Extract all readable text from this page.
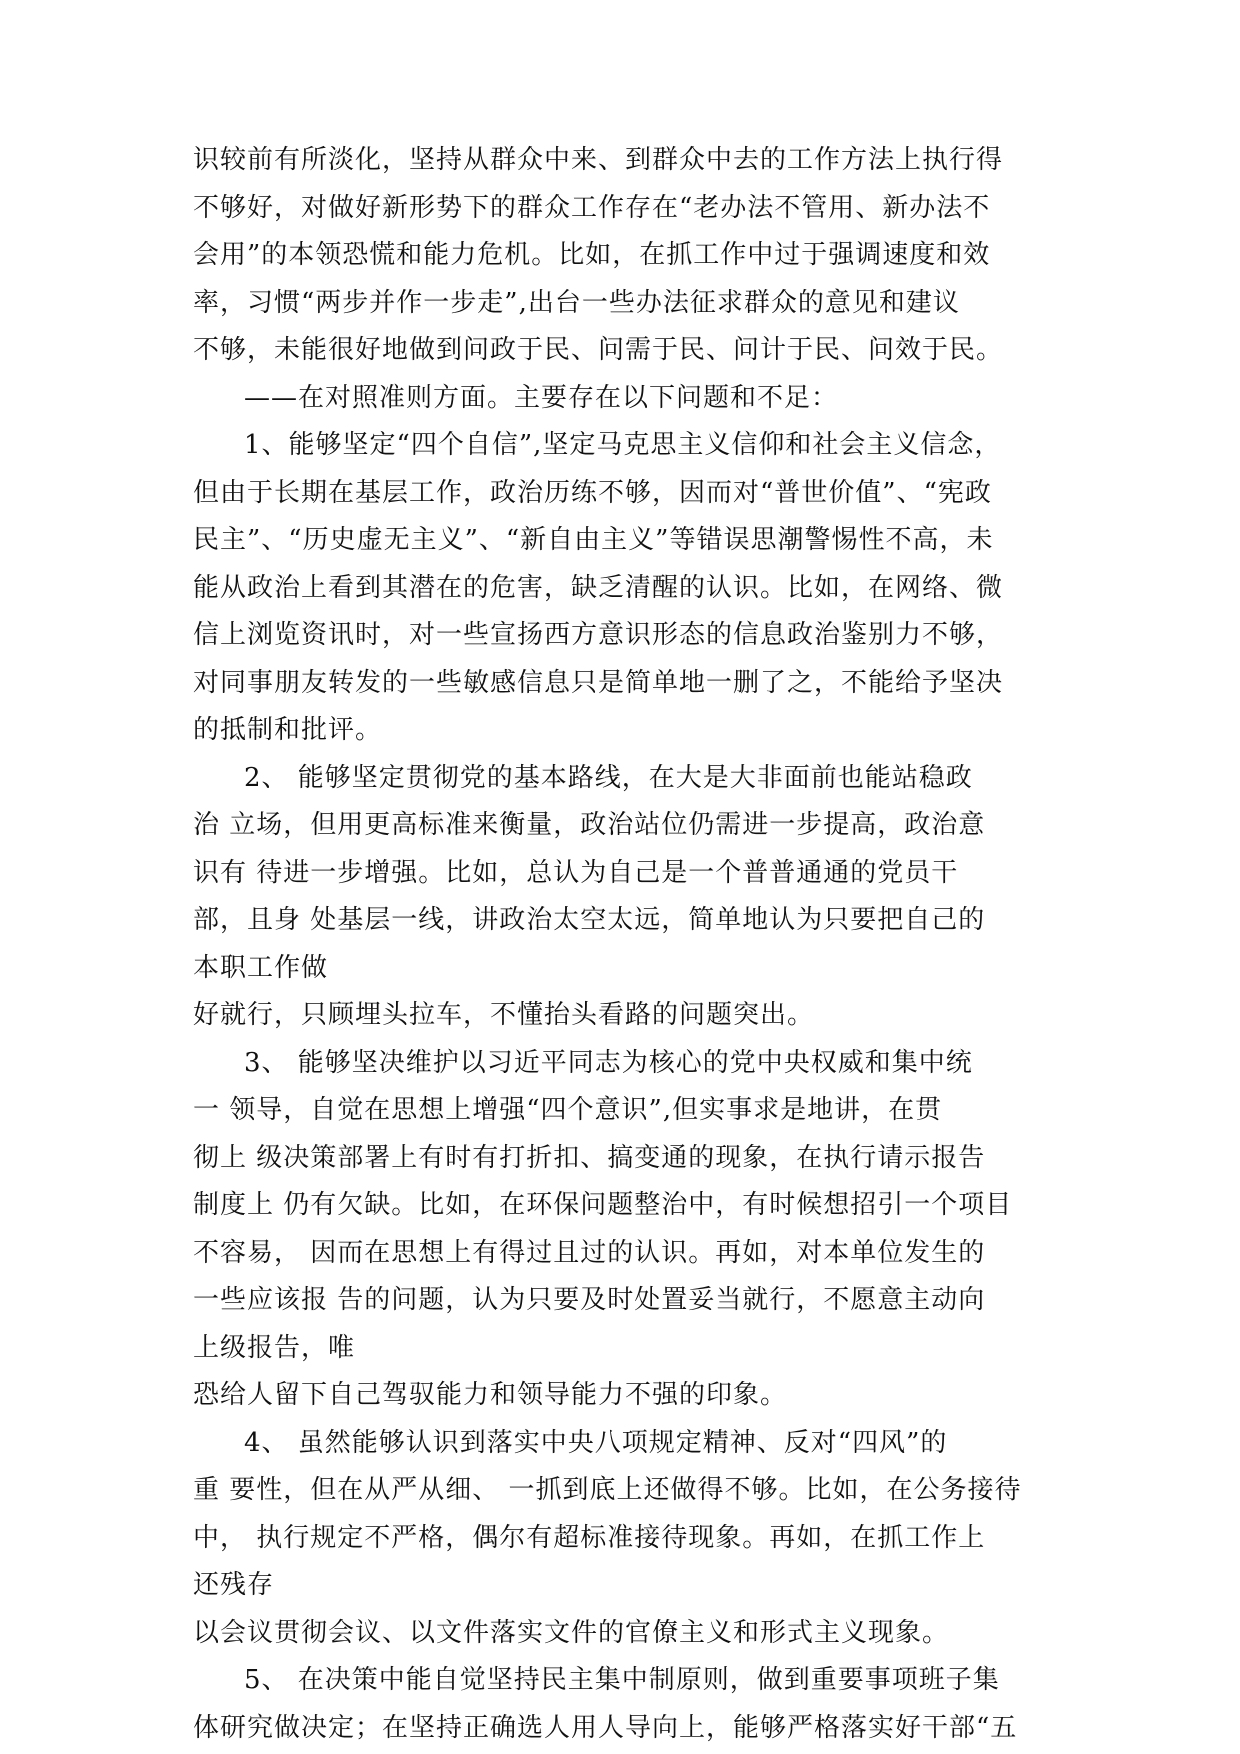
识较前有所淡化，坚持从群众中来、到群众中去的工作方法上执行得
不够好，对做好新形势下的群众工作存在“老办法不管用、新办法不
会用”的本领恐慌和能力危机。比如，在抓工作中过于强调速度和效
率，习惯“两步并作一步走”,出台一些办法征求群众的意见和建议
不够，未能很好地做到问政于民、问需于民、问计于民、问效于民。
——在对照准则方面。主要存在以下问题和不足：
1、能够坚定“四个自信”,坚定马克思主义信仰和社会主义信念，
但由于长期在基层工作，政治历练不够，因而对“普世价值”、“宪政
民主”、“历史虚无主义”、“新自由主义”等错误思潮警惕性不高，未
能从政治上看到其潜在的危害，缺乏清醒的认识。比如，在网络、微
信上浏览资讯时，对一些宣扬西方意识形态的信息政治鉴别力不够，
对同事朋友转发的一些敏感信息只是简单地一删了之，不能给予坚决
的抵制和批评。
2、 能够坚定贯彻党的基本路线，在大是大非面前也能站稳政
治 立场，但用更高标准来衡量，政治站位仍需进一步提高，政治意
识有 待进一步增强。比如，总认为自己是一个普普通通的党员干
部，且身 处基层一线，讲政治太空太远，简单地认为只要把自己的
本职工作做
好就行，只顾埋头拉车，不懂抬头看路的问题突出。
3、 能够坚决维护以习近平同志为核心的党中央权威和集中统
一 领导，自觉在思想上增强“四个意识”,但实事求是地讲，在贯
彻上 级决策部署上有时有打折扣、搞变通的现象，在执行请示报告
制度上 仍有欠缺。比如，在环保问题整治中，有时候想招引一个项目
不容易， 因而在思想上有得过且过的认识。再如，对本单位发生的
一些应该报 告的问题，认为只要及时处置妥当就行，不愿意主动向
上级报告，唯
恐给人留下自己驾驭能力和领导能力不强的印象。
4、 虽然能够认识到落实中央八项规定精神、反对“四风”的
重 要性，但在从严从细、 一抓到底上还做得不够。比如，在公务接待
中， 执行规定不严格，偶尔有超标准接待现象。再如，在抓工作上
还残存
以会议贯彻会议、以文件落实文件的官僚主义和形式主义现象。
5、 在决策中能自觉坚持民主集中制原则，做到重要事项班子集
体研究做决定；在坚持正确选人用人导向上，能够严格落实好干部“五
